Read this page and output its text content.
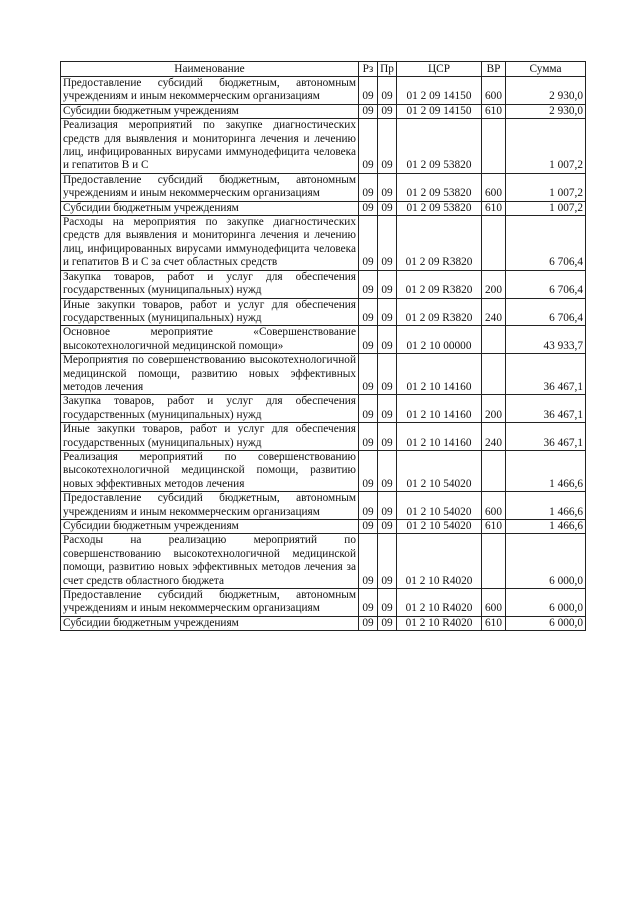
Наименование	Рз	Пр	ЦСР	ВР	Сумма
Предоставление субсидий бюджетным, автономным учреждениям и иным некоммерческим организациям	09	09	01 2 09 14150	600	2 930,0
Субсидии бюджетным учреждениям	09	09	01 2 09 14150	610	2 930,0
Реализация мероприятий по закупке диагностических средств для выявления и мониторинга лечения и лечению лиц, инфицированных вирусами иммунодефицита человека и гепатитов В и С	09	09	01 2 09 53820		1 007,2
Предоставление субсидий бюджетным, автономным учреждениям и иным некоммерческим организациям	09	09	01 2 09 53820	600	1 007,2
Субсидии бюджетным учреждениям	09	09	01 2 09 53820	610	1 007,2
Расходы на мероприятия по закупке диагностических средств для выявления и мониторинга лечения и лечению лиц, инфицированных вирусами иммунодефицита человека и гепатитов В и С за счет областных средств	09	09	01 2 09 R3820		6 706,4
Закупка товаров, работ и услуг для обеспечения государственных (муниципальных) нужд	09	09	01 2 09 R3820	200	6 706,4
Иные закупки товаров, работ и услуг для обеспечения государственных (муниципальных) нужд	09	09	01 2 09 R3820	240	6 706,4
Основное мероприятие «Совершенствование высокотехнологичной медицинской помощи»	09	09	01 2 10 00000		43 933,7
Мероприятия по совершенствованию высокотехнологичной медицинской помощи, развитию новых эффективных методов лечения	09	09	01 2 10 14160		36 467,1
Закупка товаров, работ и услуг для обеспечения государственных (муниципальных) нужд	09	09	01 2 10 14160	200	36 467,1
Иные закупки товаров, работ и услуг для обеспечения государственных (муниципальных) нужд	09	09	01 2 10 14160	240	36 467,1
Реализация мероприятий по совершенствованию высокотехнологичной медицинской помощи, развитию новых эффективных методов лечения	09	09	01 2 10 54020		1 466,6
Предоставление субсидий бюджетным, автономным учреждениям и иным некоммерческим организациям	09	09	01 2 10 54020	600	1 466,6
Субсидии бюджетным учреждениям	09	09	01 2 10 54020	610	1 466,6
Расходы на реализацию мероприятий по совершенствованию высокотехнологичной медицинской помощи, развитию новых эффективных методов лечения за счет средств областного бюджета	09	09	01 2 10 R4020		6 000,0
Предоставление субсидий бюджетным, автономным учреждениям и иным некоммерческим организациям	09	09	01 2 10 R4020	600	6 000,0
Субсидии бюджетным учреждениям	09	09	01 2 10 R4020	610	6 000,0
